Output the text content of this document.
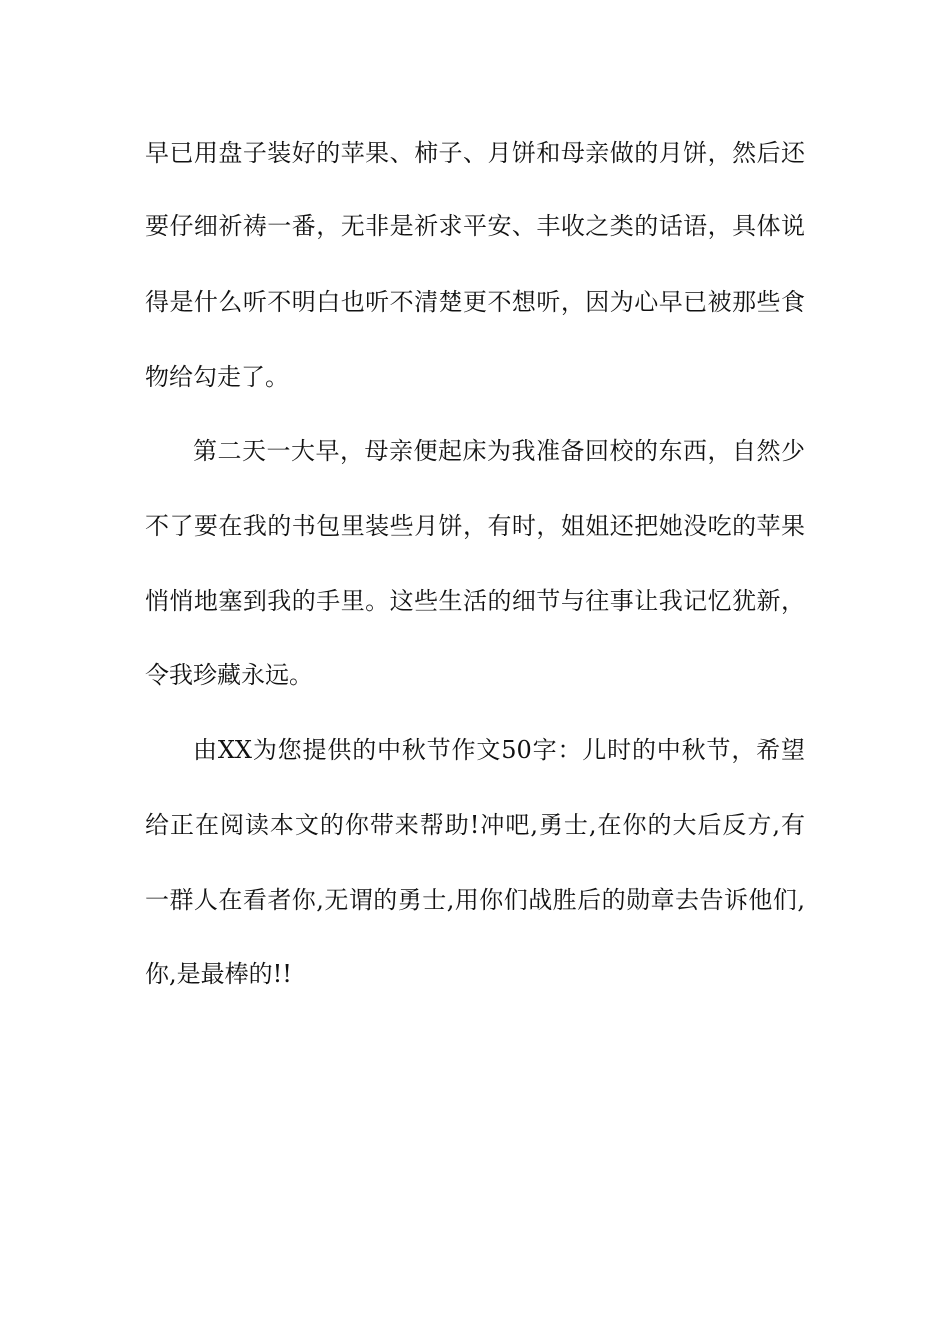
早已用盘子装好的苹果、柿子、月饼和母亲做的月饼，然后还
要仔细祈祷一番，无非是祈求平安、丰收之类的话语，具体说
得是什么听不明白也听不清楚更不想听，因为心早已被那些食
物给勾走了。
第二天一大早，母亲便起床为我准备回校的东西，自然少
不了要在我的书包里装些月饼，有时，姐姐还把她没吃的苹果
悄悄地塞到我的手里。这些生活的细节与往事让我记忆犹新，
令我珍藏永远。
由XX为您提供的中秋节作文50字：儿时的中秋节，希望
给正在阅读本文的你带来帮助!冲吧,勇士,在你的大后反方,有
一群人在看者你,无谓的勇士,用你们战胜后的勋章去告诉他们,
你,是最棒的!!
